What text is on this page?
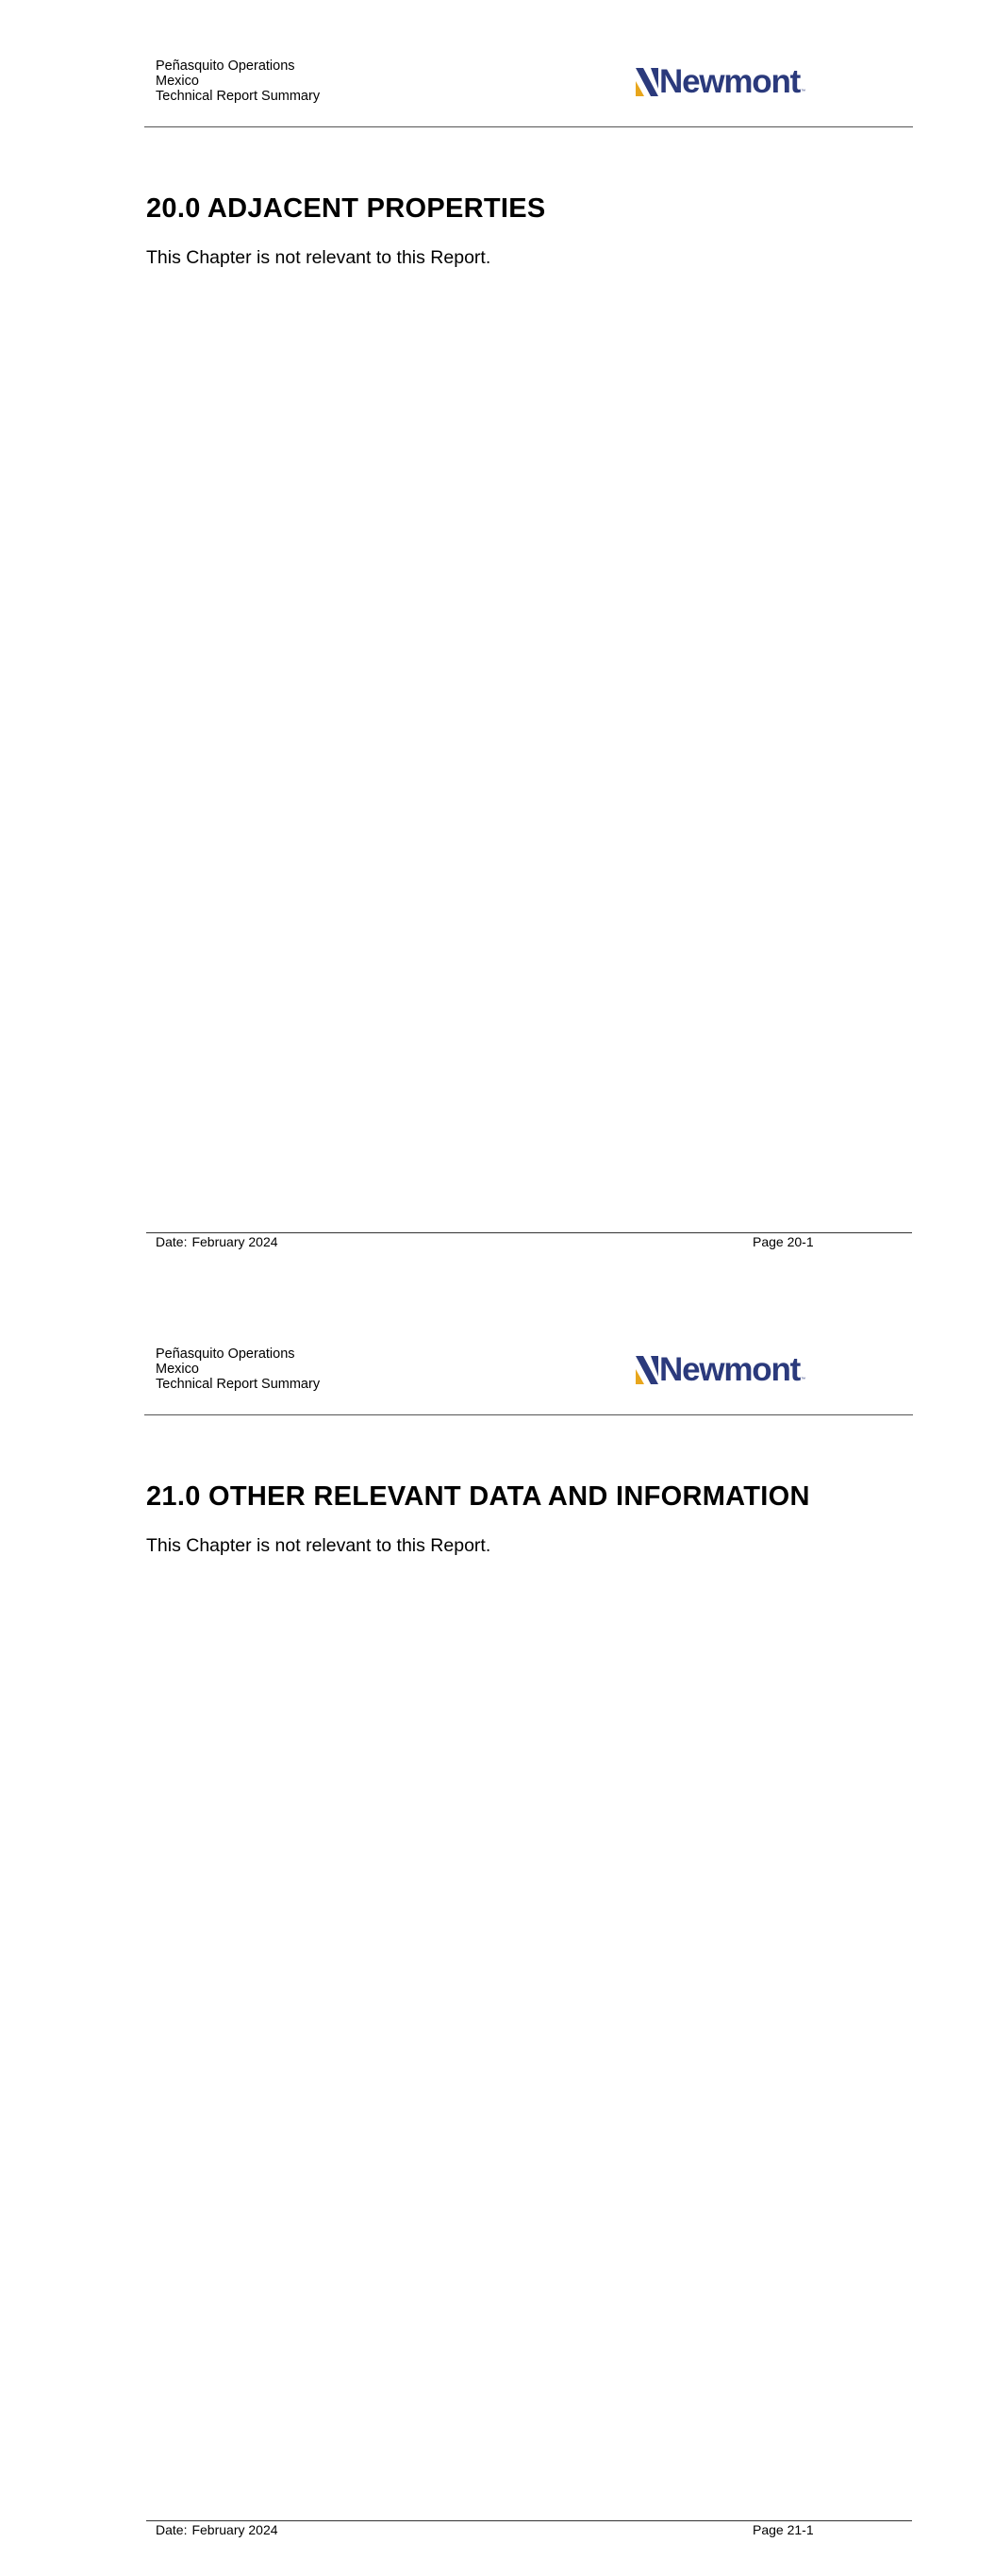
Peñasquito Operations
Mexico
Technical Report Summary	Newmont ™
20.0 ADJACENT PROPERTIES

This Chapter is not relevant to this Report.

Date: February 2024	Page 20-1
Peñasquito Operations
Mexico
Technical Report Summary	Newmont ™
21.0 OTHER RELEVANT DATA AND INFORMATION

This Chapter is not relevant to this Report.

Date: February 2024	Page 21-1
